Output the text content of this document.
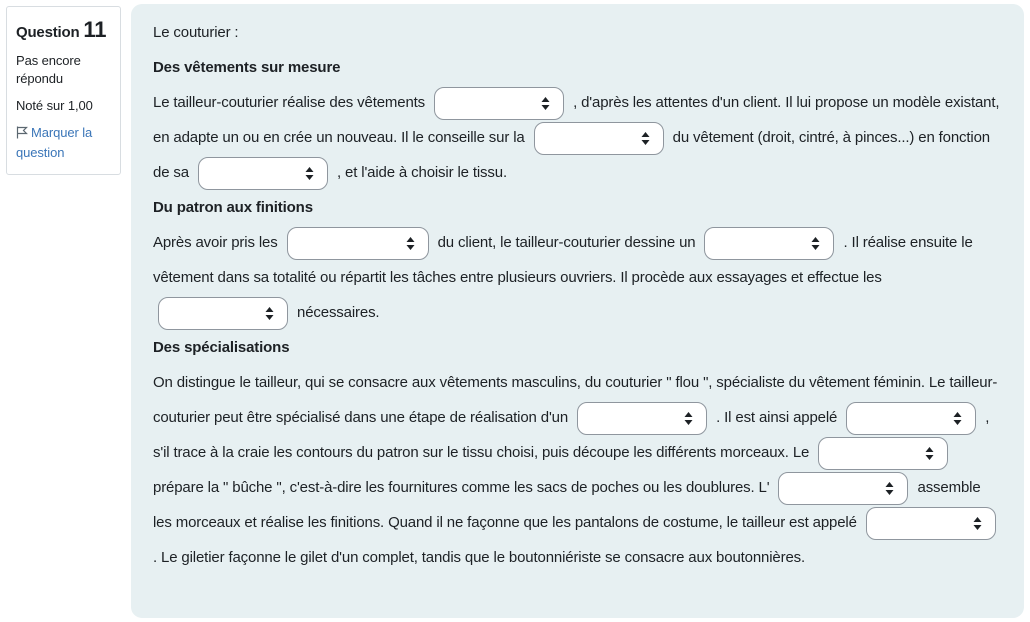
Question 11

Pas encore répondu

Noté sur 1,00

Marquer la question

Le couturier :

Des vêtements sur mesure

Le tailleur-couturier réalise des vêtements	, d'après les attentes d'un client. Il lui propose un modèle existant, en adapte un ou en crée un nouveau. Il le conseille sur la	du vêtement (droit, cintré, à pinces...) en fonction de sa	, et l'aide à choisir le tissu.

Du patron aux finitions

Après avoir pris les	du client, le tailleur-couturier dessine un	. Il réalise ensuite le vêtement dans sa totalité ou répartit les tâches entre plusieurs ouvriers. Il procède aux essayages et effectue les
nécessaires.

Des spécialisations

On distingue le tailleur, qui se consacre aux vêtements masculins, du couturier " flou ", spécialiste du vêtement féminin. Le tailleur-couturier peut être spécialisé dans une étape de réalisation d'un	. Il est ainsi appelé	, s'il trace à la craie les contours du patron sur le tissu choisi, puis découpe les différents morceaux. Le
prépare la " bûche ", c'est-à-dire les fournitures comme les sacs de poches ou les doublures. L'	assemble les morceaux et réalise les finitions. Quand il ne façonne que les pantalons de costume, le tailleur est appelé
. Le giletier façonne le gilet d'un complet, tandis que le boutonniériste se consacre aux boutonnières.
